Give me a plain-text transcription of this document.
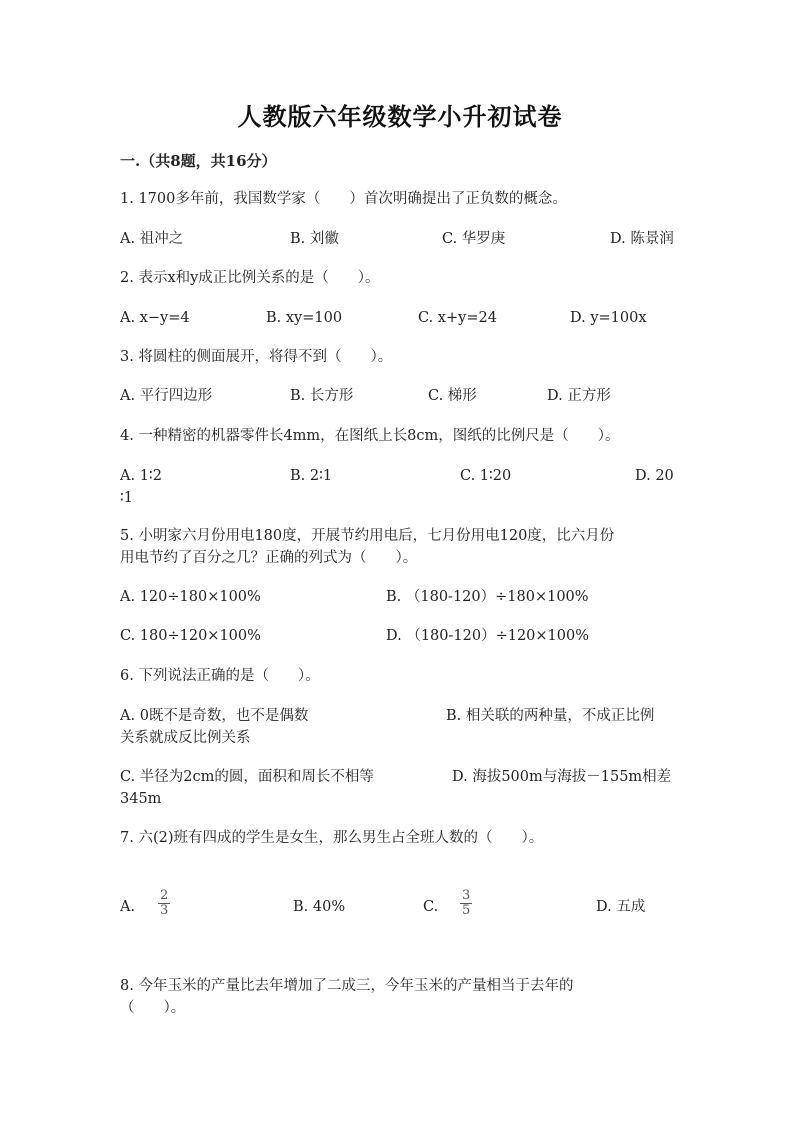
人教版六年级数学小升初试卷
一.（共8题，共16分）
1. 1700多年前，我国数学家（　　）首次明确提出了正负数的概念。
A. 祖冲之	B. 刘徽	C. 华罗庚	D. 陈景润
2. 表示x和y成正比例关系的是（　　）。
A. x−y=4	B. xy=100	C. x+y=24	D. y=100x
3. 将圆柱的侧面展开，将得不到（　　）。
A. 平行四边形	B. 长方形	C. 梯形	D. 正方形
4. 一种精密的机器零件长4mm，在图纸上长8cm，图纸的比例尺是（　　）。
A. 1∶2	B. 2∶1	C. 1∶20	D. 20
∶1
5. 小明家六月份用电180度，开展节约用电后，七月份用电120度，比六月份
用电节约了百分之几？正确的列式为（　　）。
A. 120÷180×100%	B. （180-120）÷180×100%
C. 180÷120×100%	D. （180-120）÷120×100%
6. 下列说法正确的是（　　）。
A. 0既不是奇数，也不是偶数	B. 相关联的两种量，不成正比例
关系就成反比例关系
C. 半径为2cm的圆，面积和周长不相等	D. 海拔500m与海拔－155m相差
345m
7. 六(2)班有四成的学生是女生，那么男生占全班人数的（　　）。
A. $\frac{2}{3}$	B. 40%	C. $\frac{3}{5}$	D. 五成
8. 今年玉米的产量比去年增加了二成三，今年玉米的产量相当于去年的
（　　）。
